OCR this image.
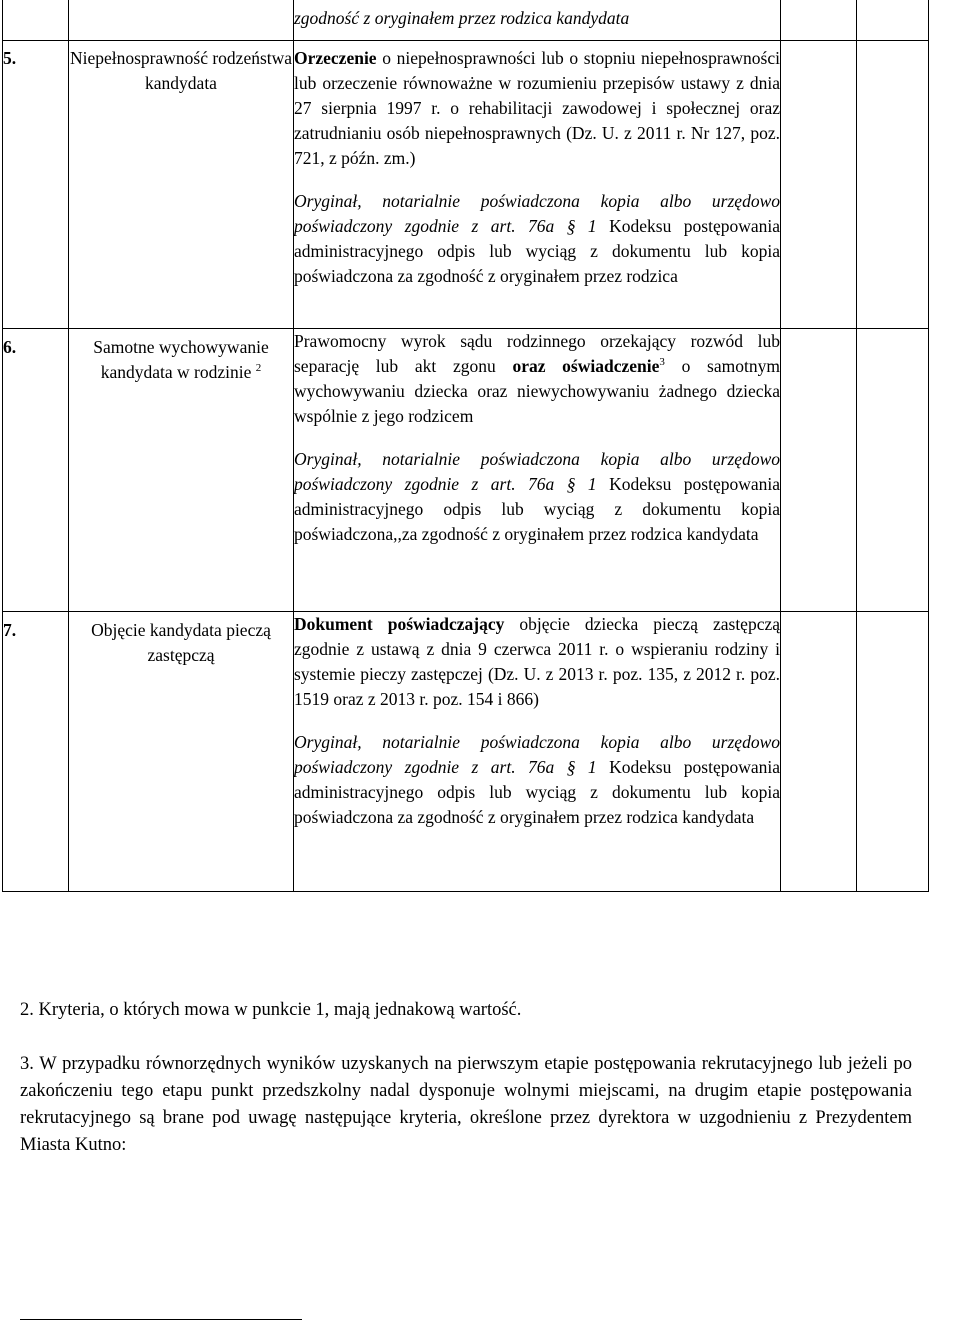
		zgodność z oryginałem przez rodzica kandydata		

5.	Niepełnosprawność rodzeństwa kandydata	Orzeczenie o niepełnosprawności lub o stopniu niepełnosprawności lub orzeczenie równoważne w rozumieniu przepisów ustawy z dnia 27 sierpnia 1997 r. o rehabilitacji zawodowej i społecznej oraz zatrudnianiu osób niepełnosprawnych (Dz. U. z 2011 r. Nr 127, poz. 721, z późn. zm.)

Oryginał, notarialnie poświadczona kopia albo urzędowo poświadczony zgodnie z art. 76a § 1 Kodeksu postępowania administracyjnego odpis lub wyciąg z dokumentu lub kopia poświadczona za zgodność z oryginałem przez rodzica		

6.	Samotne wychowywanie kandydata w rodzinie $^2$	Prawomocny wyrok sądu rodzinnego orzekający rozwód lub separację lub akt zgonu oraz oświadczenie$^3$ o samotnym wychowywaniu dziecka oraz niewychowywaniu żadnego dziecka wspólnie z jego rodzicem

Oryginał, notarialnie poświadczona kopia albo urzędowo poświadczony zgodnie z art. 76a § 1 Kodeksu postępowania administracyjnego odpis lub wyciąg z dokumentu kopia poświadczona,,za zgodność z oryginałem przez rodzica kandydata		

7.	Objęcie kandydata pieczą zastępczą	Dokument poświadczający objęcie dziecka pieczą zastępczą zgodnie z ustawą z dnia 9 czerwca 2011 r. o wspieraniu rodziny i systemie pieczy zastępczej (Dz. U. z 2013 r. poz. 135, z 2012 r. poz. 1519 oraz z 2013 r. poz. 154 i 866)

Oryginał, notarialnie poświadczona kopia albo urzędowo poświadczony zgodnie z art. 76a § 1 Kodeksu postępowania administracyjnego odpis lub wyciąg z dokumentu lub kopia poświadczona za zgodność z oryginałem przez rodzica kandydata		

2. Kryteria, o których mowa w punkcie 1, mają jednakową wartość.

3. W przypadku równorzędnych wyników uzyskanych na pierwszym etapie postępowania rekrutacyjnego lub jeżeli po zakończeniu tego etapu punkt przedszkolny nadal dysponuje wolnymi miejscami, na drugim etapie postępowania rekrutacyjnego są brane pod uwagę następujące kryteria, określone przez dyrektora w uzgodnieniu z Prezydentem Miasta Kutno:
